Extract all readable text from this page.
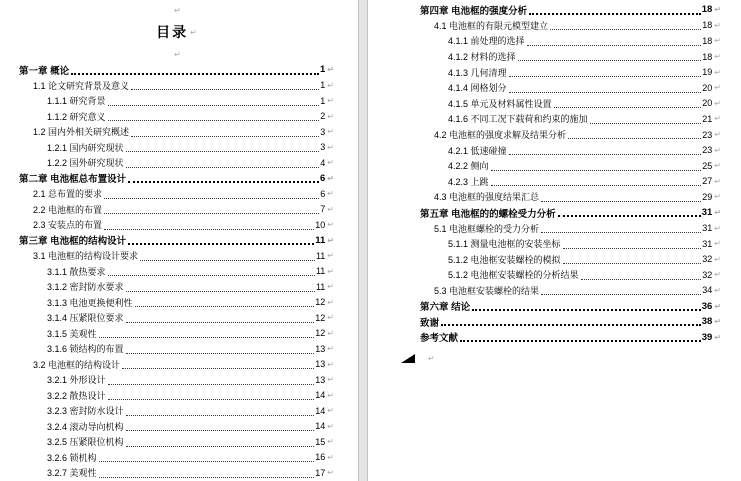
↵
目录 ↵
↵
第一章 概论	1 ↵
1.1 论文研究背景及意义	1 ↵
1.1.1 研究背景	1 ↵
1.1.2 研究意义	2 ↵
1.2 国内外相关研究概述	3 ↵
1.2.1 国内研究现状	3 ↵
1.2.2 国外研究现状	4 ↵
第二章 电池框总布置设计	6 ↵
2.1 总布置的要求	6 ↵
2.2 电池框的布置	7 ↵
2.3 安装点的布置	10 ↵
第三章 电池框的结构设计	11 ↵
3.1 电池框的结构设计要求	11 ↵
3.1.1 散热要求	11 ↵
3.1.2 密封防水要求	11 ↵
3.1.3 电池更换便利性	12 ↵
3.1.4 压紧限位要求	12 ↵
3.1.5 美观性	12 ↵
3.1.6 锁结构的布置	13 ↵
3.2 电池框的结构设计	13 ↵
3.2.1 外形设计	13 ↵
3.2.2 散热设计	14 ↵
3.2.3 密封防水设计	14 ↵
3.2.4 滚动导向机构	14 ↵
3.2.5 压紧限位机构	15 ↵
3.2.6 锁机构	16 ↵
3.2.7 美观性	17 ↵
第四章 电池框的强度分析	18 ↵
4.1 电池框的有限元模型建立	18 ↵
4.1.1 前处理的选择	18 ↵
4.1.2 材料的选择	18 ↵
4.1.3 几何清理	19 ↵
4.1.4 网格划分	20 ↵
4.1.5 单元及材料属性设置	20 ↵
4.1.6 不同工况下载荷和约束的施加	21 ↵
4.2 电池框的强度求解及结果分析	23 ↵
4.2.1 低速碰撞	23 ↵
4.2.2 侧向	25 ↵
4.2.3 上跳	27 ↵
4.3 电池框的强度结果汇总	29 ↵
第五章 电池框的的螺栓受力分析	31 ↵
5.1 电池框螺栓的受力分析	31 ↵
5.1.1 测量电池框的安装坐标	31 ↵
5.1.2 电池框安装螺栓的模拟	32 ↵
5.1.2 电池框安装螺栓的分析结果	32 ↵
5.3 电池框安装螺栓的结果	34 ↵
第六章 结论	36 ↵
致谢	38 ↵
参考文献	39 ↵
↵
